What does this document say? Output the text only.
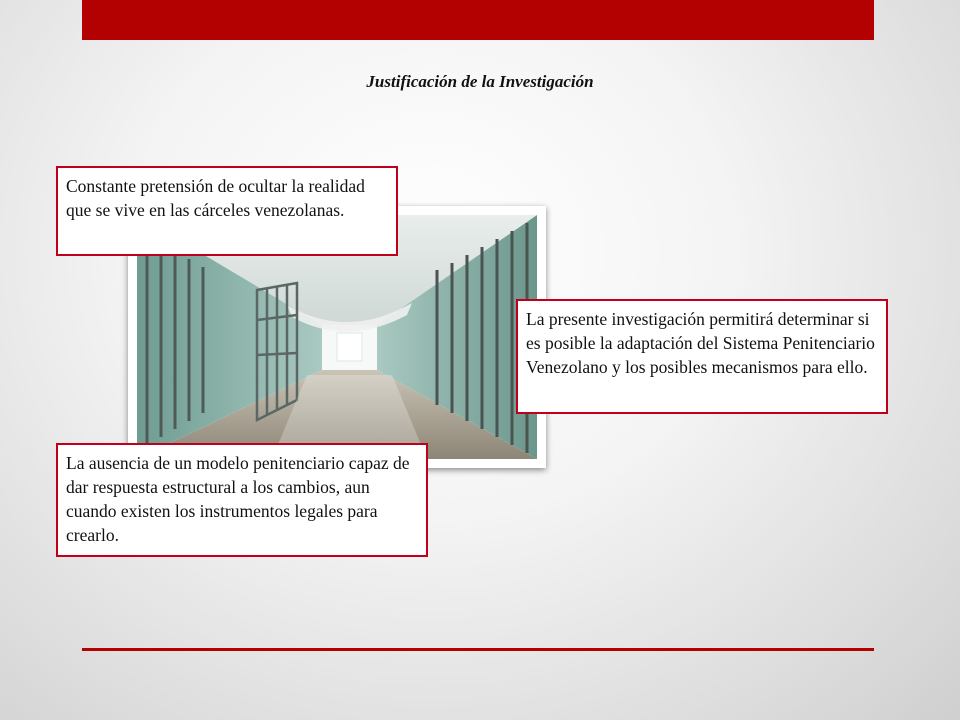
Justificación de la Investigación

Constante pretensión de ocultar la realidad que se vive en las cárceles venezolanas.

La presente investigación permitirá determinar si es posible la adaptación del Sistema Penitenciario Venezolano y los posibles mecanismos para ello.

La ausencia de un modelo penitenciario capaz de dar respuesta estructural a los cambios, aun cuando existen los instrumentos legales para crearlo.
